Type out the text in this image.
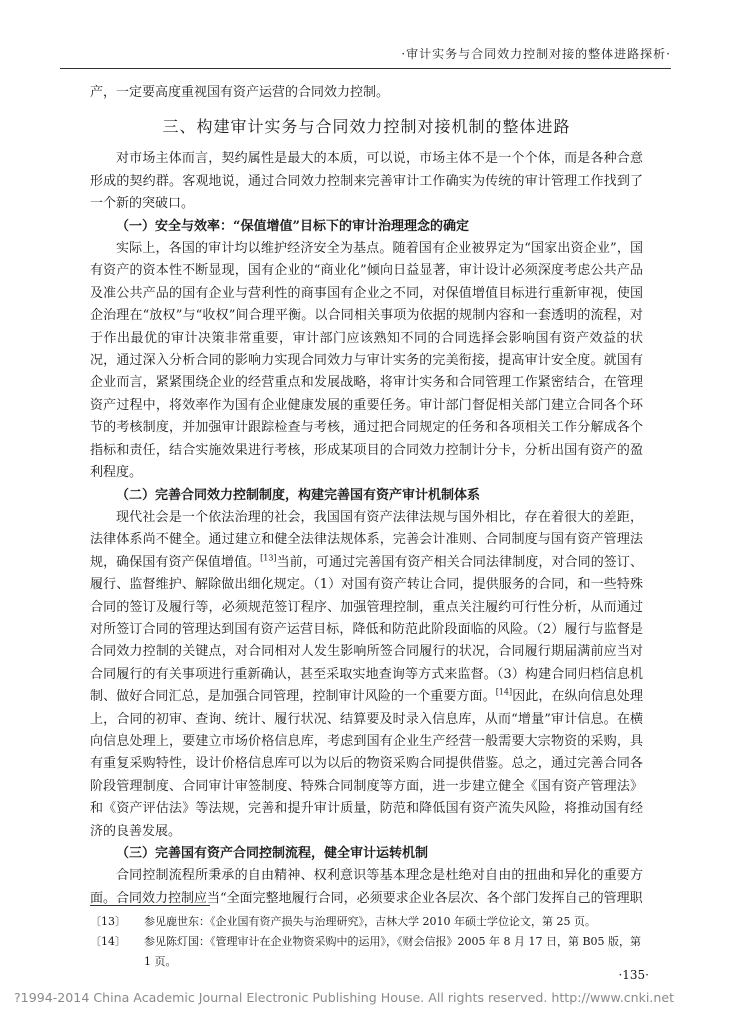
·审计实务与合同效力控制对接的整体进路探析·

产，一定要高度重视国有资产运营的合同效力控制。

三、构建审计实务与合同效力控制对接机制的整体进路

对市场主体而言，契约属性是最大的本质，可以说，市场主体不是一个个体，而是各种合意形成的契约群。客观地说，通过合同效力控制来完善审计工作确实为传统的审计管理工作找到了一个新的突破口。

（一）安全与效率：“保值增值”目标下的审计治理理念的确定

实际上，各国的审计均以维护经济安全为基点。随着国有企业被界定为“国家出资企业”，国有资产的资本性不断显现，国有企业的“商业化”倾向日益显著，审计设计必须深度考虑公共产品及准公共产品的国有企业与营利性的商事国有企业之不同，对保值增值目标进行重新审视，使国企治理在“放权”与“收权”间合理平衡。以合同相关事项为依据的规制内容和一套透明的流程，对于作出最优的审计决策非常重要，审计部门应该熟知不同的合同选择会影响国有资产效益的状况，通过深入分析合同的影响力实现合同效力与审计实务的完美衔接，提高审计安全度。就国有企业而言，紧紧围绕企业的经营重点和发展战略，将审计实务和合同管理工作紧密结合，在管理资产过程中，将效率作为国有企业健康发展的重要任务。审计部门督促相关部门建立合同各个环节的考核制度，并加强审计跟踪检查与考核，通过把合同规定的任务和各项相关工作分解成各个指标和责任，结合实施效果进行考核，形成某项目的合同效力控制计分卡，分析出国有资产的盈利程度。

（二）完善合同效力控制制度，构建完善国有资产审计机制体系

现代社会是一个依法治理的社会，我国国有资产法律法规与国外相比，存在着很大的差距，法律体系尚不健全。通过建立和健全法律法规体系，完善会计准则、合同制度与国有资产管理法规，确保国有资产保值增值。[13]当前，可通过完善国有资产相关合同法律制度，对合同的签订、履行、监督维护、解除做出细化规定。（1）对国有资产转让合同，提供服务的合同，和一些特殊合同的签订及履行等，必须规范签订程序、加强管理控制，重点关注履约可行性分析，从而通过对所签订合同的管理达到国有资产运营目标，降低和防范此阶段面临的风险。（2）履行与监督是合同效力控制的关键点，对合同相对人发生影响所签合同履行的状况，合同履行期届满前应当对合同履行的有关事项进行重新确认，甚至采取实地查询等方式来监督。（3）构建合同归档信息机制、做好合同汇总，是加强合同管理，控制审计风险的一个重要方面。[14]因此，在纵向信息处理上，合同的初审、查询、统计、履行状况、结算要及时录入信息库，从而“增量”审计信息。在横向信息处理上，要建立市场价格信息库，考虑到国有企业生产经营一般需要大宗物资的采购，具有重复采购特性，设计价格信息库可以为以后的物资采购合同提供借鉴。总之，通过完善合同各阶段管理制度、合同审计审签制度、特殊合同制度等方面，进一步建立健全《国有资产管理法》和《资产评估法》等法规，完善和提升审计质量，防范和降低国有资产流失风险，将推动国有经济的良善发展。

（三）完善国有资产合同控制流程，健全审计运转机制

合同控制流程所秉承的自由精神、权利意识等基本理念是杜绝对自由的扭曲和异化的重要方面。合同效力控制应当“全面完整地履行合同，必须要求企业各层次、各个部门发挥自己的管理职

〔13〕	参见鹿世东：《企业国有资产损失与治理研究》，吉林大学 2010 年硕士学位论文，第 25 页。
〔14〕	参见陈灯国：《管理审计在企业物资采购中的运用》，《财会信报》2005 年 8 月 17 日，第 B05 版，第 1 页。
·135·
?1994-2014 China Academic Journal Electronic Publishing House. All rights reserved. http://www.cnki.net
